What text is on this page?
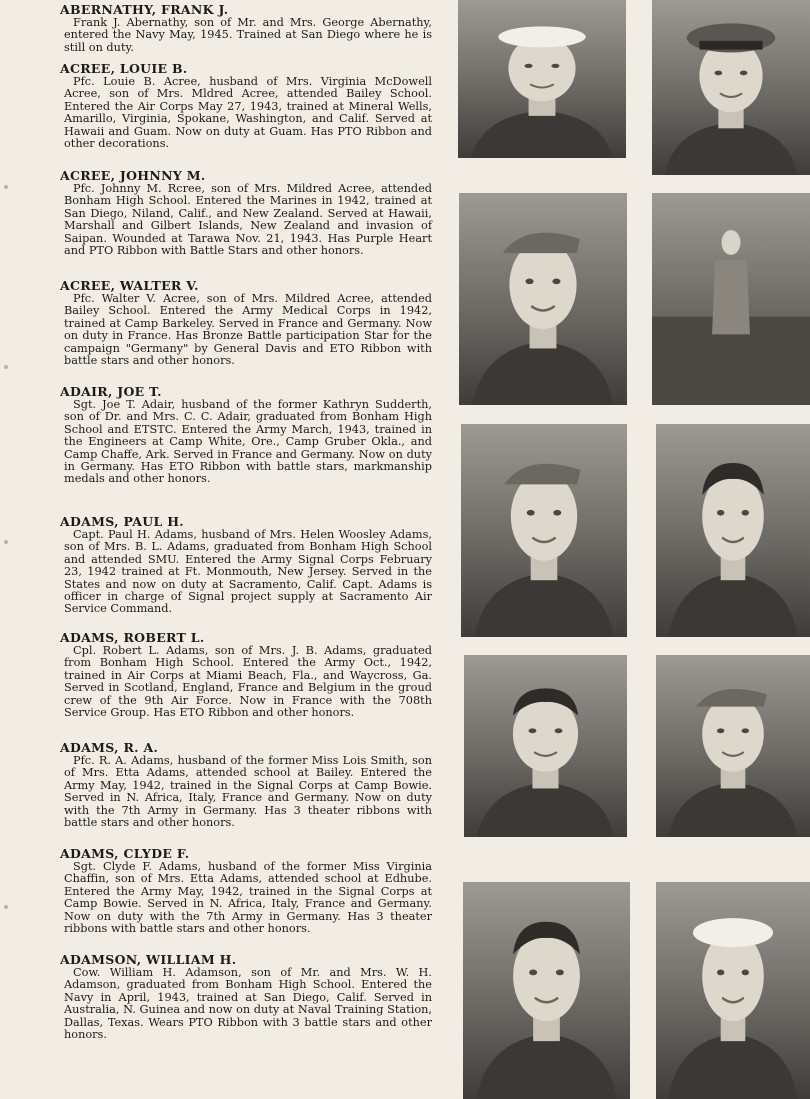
ABERNATHY, FRANK J.
Frank J. Abernathy, son of Mr. and Mrs. George Abernathy, entered the Navy May, 1945. Trained at San Diego where he is still on duty.
ACREE, LOUIE B.
Pfc. Louie B. Acree, husband of Mrs. Virginia McDowell Acree, son of Mrs. Mldred Acree, attended Bailey School. Entered the Air Corps May 27, 1943, trained at Mineral Wells, Amarillo, Virginia, Spokane, Washington, and Calif. Served at Hawaii and Guam. Now on duty at Guam. Has PTO Ribbon and other decorations.
ACREE, JOHNNY M.
Pfc. Johnny M. Rcree, son of Mrs. Mildred Acree, attended Bonham High School. Entered the Marines in 1942, trained at San Diego, Niland, Calif., and New Zealand. Served at Hawaii, Marshall and Gilbert Islands, New Zealand and invasion of Saipan. Wounded at Tarawa Nov. 21, 1943. Has Purple Heart and PTO Ribbon with Battle Stars and other honors.
ACREE, WALTER V.
Pfc. Walter V. Acree, son of Mrs. Mildred Acree, attended Bailey School. Entered the Army Medical Corps in 1942, trained at Camp Barkeley. Served in France and Germany. Now on duty in France. Has Bronze Battle participation Star for the campaign "Germany" by General Davis and ETO Ribbon with battle stars and other honors.
ADAIR, JOE T.
Sgt. Joe T. Adair, husband of the former Kathryn Sudderth, son of Dr. and Mrs. C. C. Adair, graduated from Bonham High School and ETSTC. Entered the Army March, 1943, trained in the Engineers at Camp White, Ore., Camp Gruber Okla., and Camp Chaffe, Ark. Served in France and Germany. Now on duty in Germany. Has ETO Ribbon with battle stars, markmanship medals and other honors.
ADAMS, PAUL H.
Capt. Paul H. Adams, husband of Mrs. Helen Woosley Adams, son of Mrs. B. L. Adams, graduated from Bonham High School and attended SMU. Entered the Army Signal Corps February 23, 1942 trained at Ft. Monmouth, New Jersey. Served in the States and now on duty at Sacramento, Calif. Capt. Adams is officer in charge of Signal project supply at Sacramento Air Service Command.
ADAMS, ROBERT L.
Cpl. Robert L. Adams, son of Mrs. J. B. Adams, graduated from Bonham High School. Entered the Army Oct., 1942, trained in Air Corps at Miami Beach, Fla., and Waycross, Ga. Served in Scotland, England, France and Belgium in the groud crew of the 9th Air Force. Now in France with the 708th Service Group. Has ETO Ribbon and other honors.
ADAMS, R. A.
Pfc. R. A. Adams, husband of the former Miss Lois Smith, son of Mrs. Etta Adams, attended school at Bailey. Entered the Army May, 1942, trained in the Signal Corps at Camp Bowie. Served in N. Africa, Italy, France and Germany. Now on duty with the 7th Army in Germany. Has 3 theater ribbons with battle stars and other honors.
ADAMS, CLYDE F.
Sgt. Clyde F. Adams, husband of the former Miss Virginia Chaffin, son of Mrs. Etta Adams, attended school at Edhube. Entered the Army May, 1942, trained in the Signal Corps at Camp Bowie. Served in N. Africa, Italy, France and Germany. Now on duty with the 7th Army in Germany. Has 3 theater ribbons with battle stars and other honors.
ADAMSON, WILLIAM H.
Cow. William H. Adamson, son of Mr. and Mrs. W. H. Adamson, graduated from Bonham High School. Entered the Navy in April, 1943, trained at San Diego, Calif. Served in Australia, N. Guinea and now on duty at Naval Training Station, Dallas, Texas. Wears PTO Ribbon with 3 battle stars and other honors.
